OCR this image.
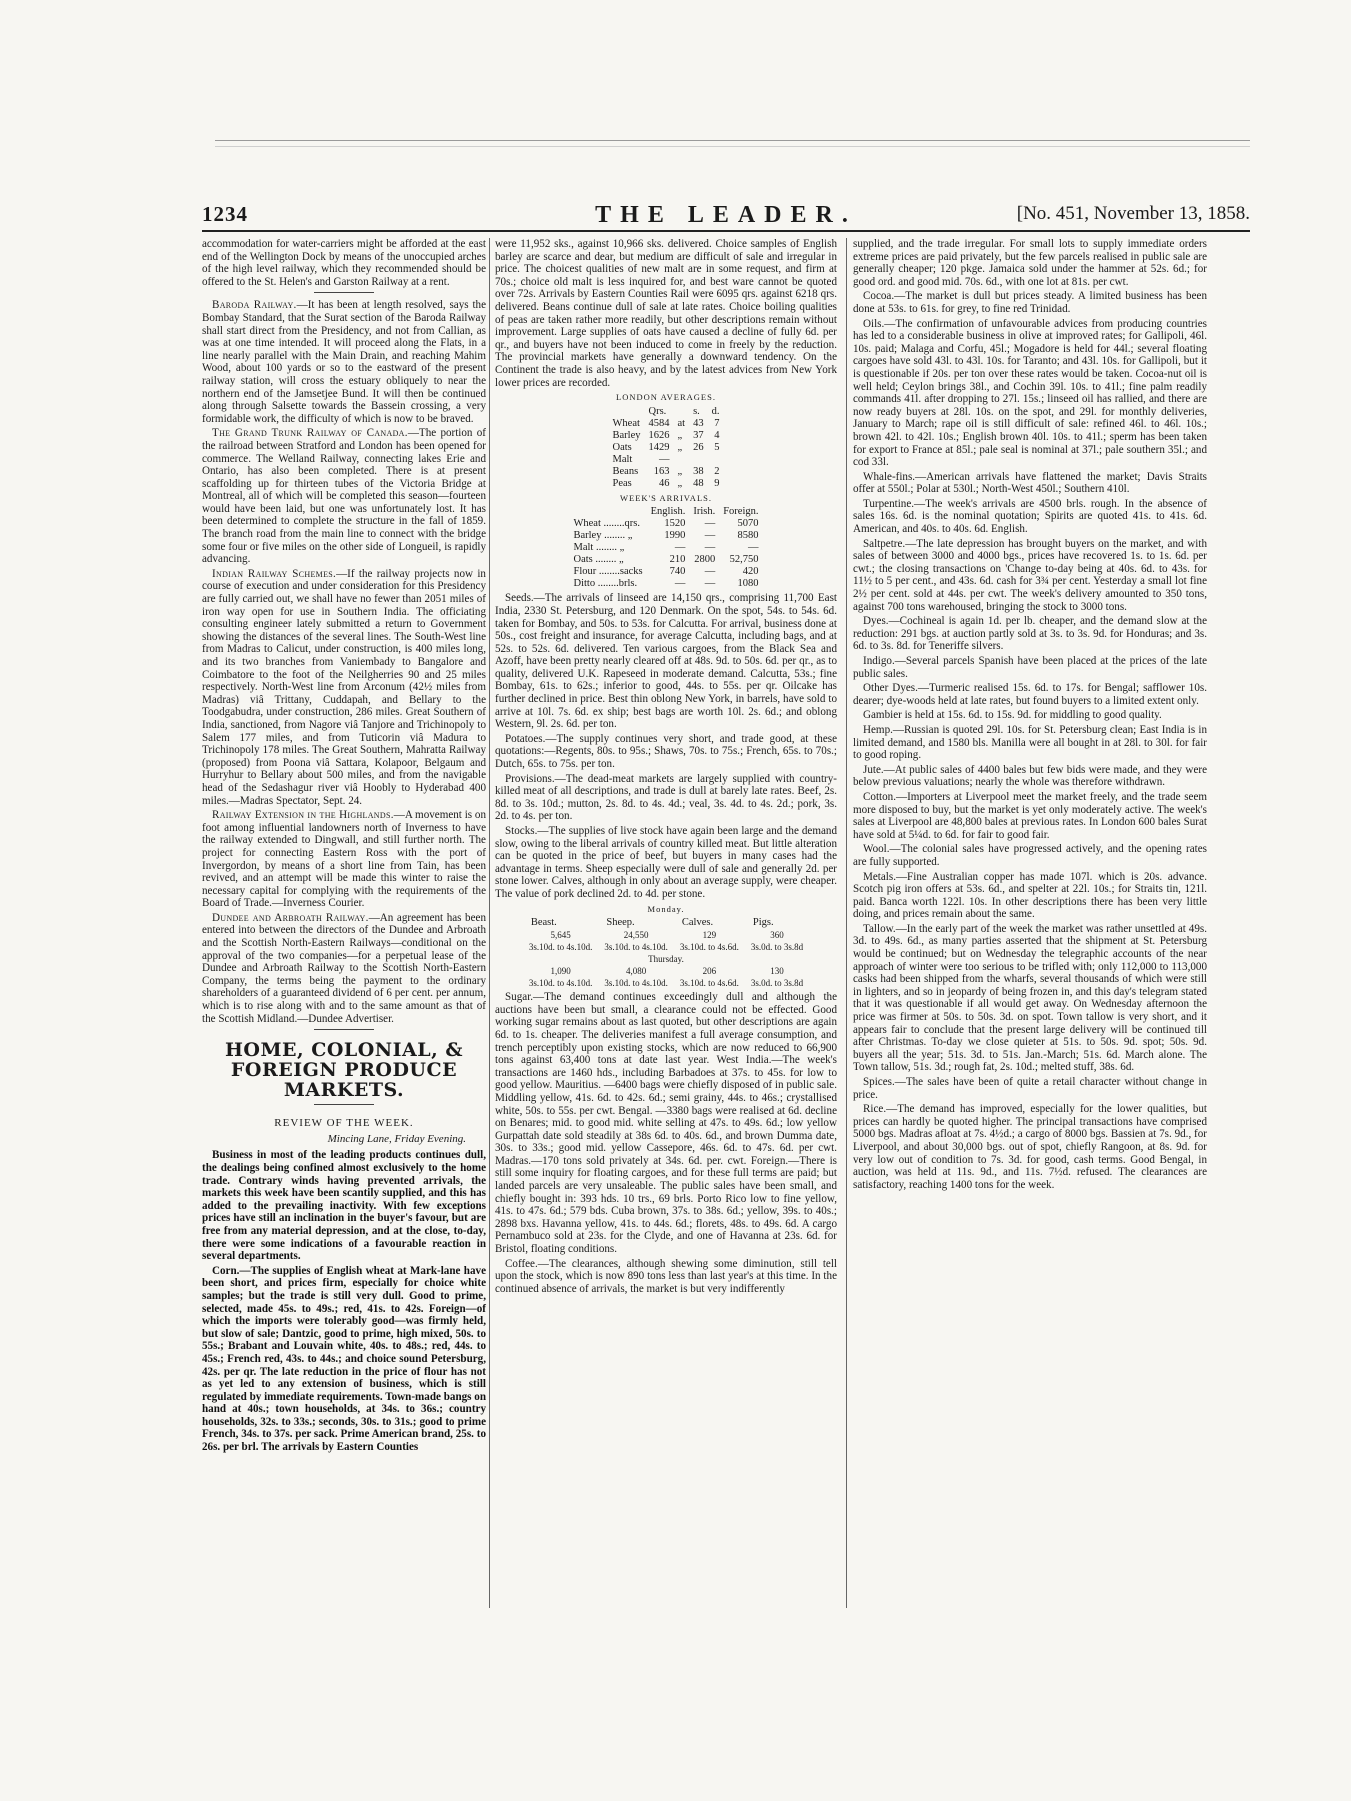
1234	THE LEADER.	[No. 451, November 13, 1858.

accommodation for water-carriers might be afforded at the east end of the Wellington Dock by means of the unoccupied arches of the high level railway, which they recommended should be offered to the St. Helen's and Garston Railway at a rent.

Baroda Railway.—It has been at length resolved, says the Bombay Standard, that the Surat section of the Baroda Railway shall start direct from the Presidency, and not from Callian, as was at one time intended. It will proceed along the Flats, in a line nearly parallel with the Main Drain, and reaching Mahim Wood, about 100 yards or so to the eastward of the present railway station, will cross the estuary obliquely to near the northern end of the Jamsetjee Bund. It will then be continued along through Salsette towards the Bassein crossing, a very formidable work, the difficulty of which is now to be braved.

The Grand Trunk Railway of Canada.—The portion of the railroad between Stratford and London has been opened for commerce. The Welland Railway, connecting lakes Erie and Ontario, has also been completed. There is at present scaffolding up for thirteen tubes of the Victoria Bridge at Montreal, all of which will be completed this season—fourteen would have been laid, but one was unfortunately lost. It has been determined to complete the structure in the fall of 1859. The branch road from the main line to connect with the bridge some four or five miles on the other side of Longueil, is rapidly advancing.

Indian Railway Schemes.—If the railway projects now in course of execution and under consideration for this Presidency are fully carried out, we shall have no fewer than 2051 miles of iron way open for use in Southern India. The officiating consulting engineer lately submitted a return to Government showing the distances of the several lines. The South-West line from Madras to Calicut, under construction, is 400 miles long, and its two branches from Vaniembady to Bangalore and Coimbatore to the foot of the Neilgherries 90 and 25 miles respectively. North-West line from Arconum (42½ miles from Madras) viâ Trittany, Cuddapah, and Bellary to the Toodgabudra, under construction, 286 miles. Great Southern of India, sanctioned, from Nagore viâ Tanjore and Trichinopoly to Salem 177 miles, and from Tuticorin viâ Madura to Trichinopoly 178 miles. The Great Southern, Mahratta Railway (proposed) from Poona viâ Sattara, Kolapoor, Belgaum and Hurryhur to Bellary about 500 miles, and from the navigable head of the Sedashagur river viâ Hoobly to Hyderabad 400 miles.—Madras Spectator, Sept. 24.

Railway Extension in the Highlands.—A movement is on foot among influential landowners north of Inverness to have the railway extended to Dingwall, and still further north. The project for connecting Eastern Ross with the port of Invergordon, by means of a short line from Tain, has been revived, and an attempt will be made this winter to raise the necessary capital for complying with the requirements of the Board of Trade.—Inverness Courier.

Dundee and Arbroath Railway.—An agreement has been entered into between the directors of the Dundee and Arbroath and the Scottish North-Eastern Railways—conditional on the approval of the two companies—for a perpetual lease of the Dundee and Arbroath Railway to the Scottish North-Eastern Company, the terms being the payment to the ordinary shareholders of a guaranteed dividend of 6 per cent. per annum, which is to rise along with and to the same amount as that of the Scottish Midland.—Dundee Advertiser.

HOME, COLONIAL, & FOREIGN PRODUCE MARKETS.
REVIEW OF THE WEEK.
Mincing Lane, Friday Evening.

Business in most of the leading products continues dull, the dealings being confined almost exclusively to the home trade. Contrary winds having prevented arrivals, the markets this week have been scantily supplied, and this has added to the prevailing inactivity. With few exceptions prices have still an inclination in the buyer's favour, but are free from any material depression, and at the close, to-day, there were some indications of a favourable reaction in several departments.

Corn.—The supplies of English wheat at Mark-lane have been short, and prices firm, especially for choice white samples; but the trade is still very dull. Good to prime, selected, made 45s. to 49s.; red, 41s. to 42s. Foreign—of which the imports were tolerably good—was firmly held, but slow of sale; Dantzic, good to prime, high mixed, 50s. to 55s.; Brabant and Louvain white, 40s. to 48s.; red, 44s. to 45s.; French red, 43s. to 44s.; and choice sound Petersburg, 42s. per qr. The late reduction in the price of flour has not as yet led to any extension of business, which is still regulated by immediate requirements. Town-made bangs on hand at 40s.; town households, at 34s. to 36s.; country households, 32s. to 33s.; seconds, 30s. to 31s.; good to prime French, 34s. to 37s. per sack. Prime American brand, 25s. to 26s. per brl. The arrivals by Eastern Counties

were 11,952 sks., against 10,966 sks. delivered. Choice samples of English barley are scarce and dear, but medium are difficult of sale and irregular in price. The choicest qualities of new malt are in some request, and firm at 70s.; choice old malt is less inquired for, and best ware cannot be quoted over 72s. Arrivals by Eastern Counties Rail were 6095 qrs. against 6218 qrs. delivered. Beans continue dull of sale at late rates. Choice boiling qualities of peas are taken rather more readily, but other descriptions remain without improvement. Large supplies of oats have caused a decline of fully 6d. per qr., and buyers have not been induced to come in freely by the reduction. The provincial markets have generally a downward tendency. On the Continent the trade is also heavy, and by the latest advices from New York lower prices are recorded.

LONDON AVERAGES.
	Qrs.		s.	d.
Wheat	4584	at	43	7
Barley	1626	„	37	4
Oats	1429	„	26	5
Malt	—			
Beans	163	„	38	2
Peas	46	„	48	9
WEEK'S ARRIVALS.
	English.	Irish.	Foreign.
Wheat ........qrs.	1520	—	5070
Barley ........ „	1990	—	8580
Malt ........ „	—	—	—
Oats ........ „	210	2800	52,750
Flour ........sacks	740	—	420
Ditto ........brls.	—	—	1080

Seeds.—The arrivals of linseed are 14,150 qrs., comprising 11,700 East India, 2330 St. Petersburg, and 120 Denmark. On the spot, 54s. to 54s. 6d. taken for Bombay, and 50s. to 53s. for Calcutta. For arrival, business done at 50s., cost freight and insurance, for average Calcutta, including bags, and at 52s. to 52s. 6d. delivered. Ten various cargoes, from the Black Sea and Azoff, have been pretty nearly cleared off at 48s. 9d. to 50s. 6d. per qr., as to quality, delivered U.K. Rapeseed in moderate demand. Calcutta, 53s.; fine Bombay, 61s. to 62s.; inferior to good, 44s. to 55s. per qr. Oilcake has further declined in price. Best thin oblong New York, in barrels, have sold to arrive at 10l. 7s. 6d. ex ship; best bags are worth 10l. 2s. 6d.; and oblong Western, 9l. 2s. 6d. per ton.

Potatoes.—The supply continues very short, and trade good, at these quotations:—Regents, 80s. to 95s.; Shaws, 70s. to 75s.; French, 65s. to 70s.; Dutch, 65s. to 75s. per ton.

Provisions.—The dead-meat markets are largely supplied with country-killed meat of all descriptions, and trade is dull at barely late rates. Beef, 2s. 8d. to 3s. 10d.; mutton, 2s. 8d. to 4s. 4d.; veal, 3s. 4d. to 4s. 2d.; pork, 3s. 2d. to 4s. per ton.

Stocks.—The supplies of live stock have again been large and the demand slow, owing to the liberal arrivals of country killed meat. But little alteration can be quoted in the price of beef, but buyers in many cases had the advantage in terms. Sheep especially were dull of sale and generally 2d. per stone lower. Calves, although in only about an average supply, were cheaper. The value of pork declined 2d. to 4d. per stone.

Monday.
Beast.	Sheep.	Calves.	Pigs.
5,645	24,550	129	360
3s.10d. to 4s.10d.	3s.10d. to 4s.10d.	3s.10d. to 4s.6d.	3s.0d. to 3s.8d
Thursday.			
1,090	4,080	206	130
3s.10d. to 4s.10d.	3s.10d. to 4s.10d.	3s.10d. to 4s.6d.	3s.0d. to 3s.8d

Sugar.—The demand continues exceedingly dull and although the auctions have been but small, a clearance could not be effected. Good working sugar remains about as last quoted, but other descriptions are again 6d. to 1s. cheaper. The deliveries manifest a full average consumption, and trench perceptibly upon existing stocks, which are now reduced to 66,900 tons against 63,400 tons at date last year. West India.—The week's transactions are 1460 hds., including Barbadoes at 37s. to 45s. for low to good yellow. Mauritius. —6400 bags were chiefly disposed of in public sale. Middling yellow, 41s. 6d. to 42s. 6d.; semi grainy, 44s. to 46s.; crystallised white, 50s. to 55s. per cwt. Bengal. —3380 bags were realised at 6d. decline on Benares; mid. to good mid. white selling at 47s. to 49s. 6d.; low yellow Gurpattah date sold steadily at 38s 6d. to 40s. 6d., and brown Dumma date, 30s. to 33s.; good mid. yellow Cassepore, 46s. 6d. to 47s. 6d. per cwt. Madras.—170 tons sold privately at 34s. 6d. per. cwt. Foreign.—There is still some inquiry for floating cargoes, and for these full terms are paid; but landed parcels are very unsaleable. The public sales have been small, and chiefly bought in: 393 hds. 10 trs., 69 brls. Porto Rico low to fine yellow, 41s. to 47s. 6d.; 579 bds. Cuba brown, 37s. to 38s. 6d.; yellow, 39s. to 40s.; 2898 bxs. Havanna yellow, 41s. to 44s. 6d.; florets, 48s. to 49s. 6d. A cargo Pernambuco sold at 23s. for the Clyde, and one of Havanna at 23s. 6d. for Bristol, floating conditions.

Coffee.—The clearances, although shewing some diminution, still tell upon the stock, which is now 890 tons less than last year's at this time. In the continued absence of arrivals, the market is but very indifferently

supplied, and the trade irregular. For small lots to supply immediate orders extreme prices are paid privately, but the few parcels realised in public sale are generally cheaper; 120 pkge. Jamaica sold under the hammer at 52s. 6d.; for good ord. and good mid. 70s. 6d., with one lot at 81s. per cwt.

Cocoa.—The market is dull but prices steady. A limited business has been done at 53s. to 61s. for grey, to fine red Trinidad.

Oils.—The confirmation of unfavourable advices from producing countries has led to a considerable business in olive at improved rates; for Gallipoli, 46l. 10s. paid; Malaga and Corfu, 45l.; Mogadore is held for 44l.; several floating cargoes have sold 43l. to 43l. 10s. for Taranto; and 43l. 10s. for Gallipoli, but it is questionable if 20s. per ton over these rates would be taken. Cocoa-nut oil is well held; Ceylon brings 38l., and Cochin 39l. 10s. to 41l.; fine palm readily commands 41l. after dropping to 27l. 15s.; linseed oil has rallied, and there are now ready buyers at 28l. 10s. on the spot, and 29l. for monthly deliveries, January to March; rape oil is still difficult of sale: refined 46l. to 46l. 10s.; brown 42l. to 42l. 10s.; English brown 40l. 10s. to 41l.; sperm has been taken for export to France at 85l.; pale seal is nominal at 37l.; pale southern 35l.; and cod 33l.

Whale-fins.—American arrivals have flattened the market; Davis Straits offer at 550l.; Polar at 530l.; North-West 450l.; Southern 410l.

Turpentine.—The week's arrivals are 4500 brls. rough. In the absence of sales 16s. 6d. is the nominal quotation; Spirits are quoted 41s. to 41s. 6d. American, and 40s. to 40s. 6d. English.

Saltpetre.—The late depression has brought buyers on the market, and with sales of between 3000 and 4000 bgs., prices have recovered 1s. to 1s. 6d. per cwt.; the closing transactions on 'Change to-day being at 40s. 6d. to 43s. for 11½ to 5 per cent., and 43s. 6d. cash for 3¾ per cent. Yesterday a small lot fine 2½ per cent. sold at 44s. per cwt. The week's delivery amounted to 350 tons, against 700 tons warehoused, bringing the stock to 3000 tons.

Dyes.—Cochineal is again 1d. per lb. cheaper, and the demand slow at the reduction: 291 bgs. at auction partly sold at 3s. to 3s. 9d. for Honduras; and 3s. 6d. to 3s. 8d. for Teneriffe silvers.

Indigo.—Several parcels Spanish have been placed at the prices of the late public sales.

Other Dyes.—Turmeric realised 15s. 6d. to 17s. for Bengal; safflower 10s. dearer; dye-woods held at late rates, but found buyers to a limited extent only.

Gambier is held at 15s. 6d. to 15s. 9d. for middling to good quality.

Hemp.—Russian is quoted 29l. 10s. for St. Petersburg clean; East India is in limited demand, and 1580 bls. Manilla were all bought in at 28l. to 30l. for fair to good roping.

Jute.—At public sales of 4400 bales but few bids were made, and they were below previous valuations; nearly the whole was therefore withdrawn.

Cotton.—Importers at Liverpool meet the market freely, and the trade seem more disposed to buy, but the market is yet only moderately active. The week's sales at Liverpool are 48,800 bales at previous rates. In London 600 bales Surat have sold at 5¼d. to 6d. for fair to good fair.

Wool.—The colonial sales have progressed actively, and the opening rates are fully supported.

Metals.—Fine Australian copper has made 107l. which is 20s. advance. Scotch pig iron offers at 53s. 6d., and spelter at 22l. 10s.; for Straits tin, 121l. paid. Banca worth 122l. 10s. In other descriptions there has been very little doing, and prices remain about the same.

Tallow.—In the early part of the week the market was rather unsettled at 49s. 3d. to 49s. 6d., as many parties asserted that the shipment at St. Petersburg would be continued; but on Wednesday the telegraphic accounts of the near approach of winter were too serious to be trifled with; only 112,000 to 113,000 casks had been shipped from the wharfs, several thousands of which were still in lighters, and so in jeopardy of being frozen in, and this day's telegram stated that it was questionable if all would get away. On Wednesday afternoon the price was firmer at 50s. to 50s. 3d. on spot. Town tallow is very short, and it appears fair to conclude that the present large delivery will be continued till after Christmas. To-day we close quieter at 51s. to 50s. 9d. spot; 50s. 9d. buyers all the year; 51s. 3d. to 51s. Jan.-March; 51s. 6d. March alone. The Town tallow, 51s. 3d.; rough fat, 2s. 10d.; melted stuff, 38s. 6d.

Spices.—The sales have been of quite a retail character without change in price.

Rice.—The demand has improved, especially for the lower qualities, but prices can hardly be quoted higher. The principal transactions have comprised 5000 bgs. Madras afloat at 7s. 4½d.; a cargo of 8000 bgs. Bassien at 7s. 9d., for Liverpool, and about 30,000 bgs. out of spot, chiefly Rangoon, at 8s. 9d. for very low out of condition to 7s. 3d. for good, cash terms. Good Bengal, in auction, was held at 11s. 9d., and 11s. 7½d. refused. The clearances are satisfactory, reaching 1400 tons for the week.
